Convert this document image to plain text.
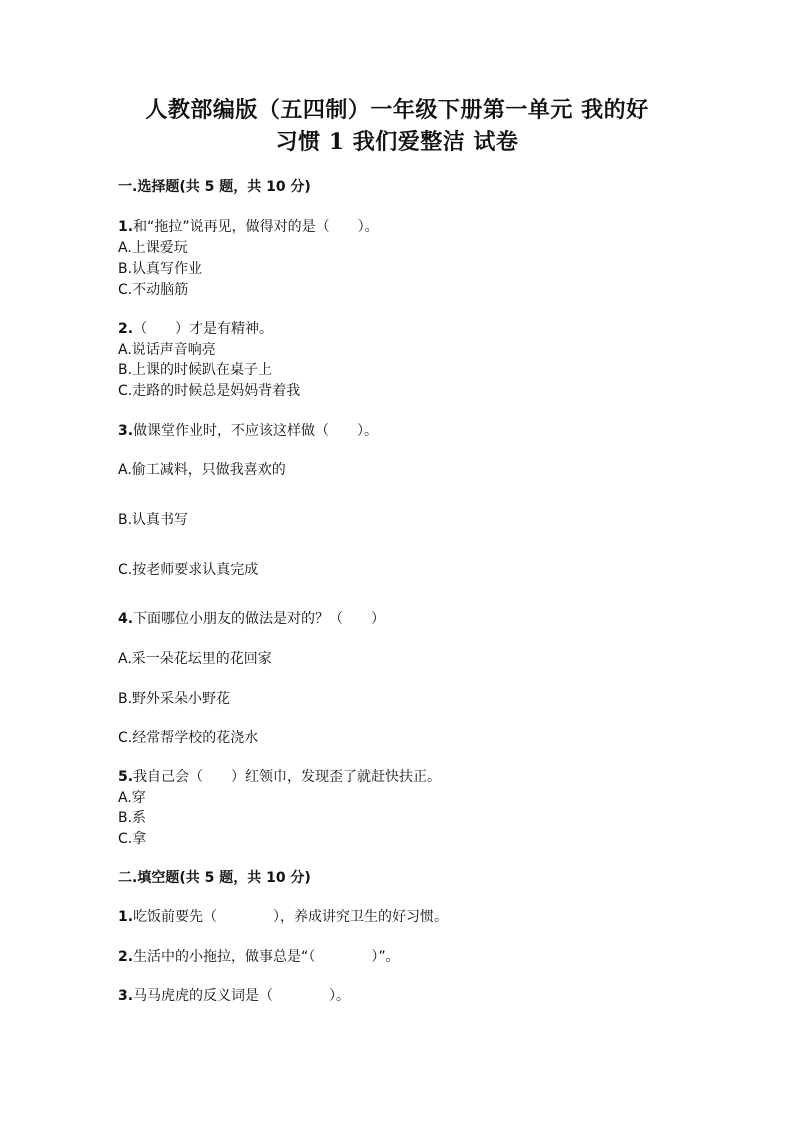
人教部编版（五四制）一年级下册第一单元 我的好
习惯 1 我们爱整洁 试卷
一.选择题(共 5 题，共 10 分)
1.和“拖拉”说再见，做得对的是（　　）。
A.上课爱玩
B.认真写作业
C.不动脑筋
2.（　　）才是有精神。
A.说话声音响亮
B.上课的时候趴在桌子上
C.走路的时候总是妈妈背着我
3.做课堂作业时，不应该这样做（　　）。
A.偷工减料，只做我喜欢的
B.认真书写
C.按老师要求认真完成
4.下面哪位小朋友的做法是对的？（　　）
A.采一朵花坛里的花回家
B.野外采朵小野花
C.经常帮学校的花浇水
5.我自己会（　　）红领巾，发现歪了就赶快扶正。
A.穿
B.系
C.拿
二.填空题(共 5 题，共 10 分)
1.吃饭前要先（　　　　），养成讲究卫生的好习惯。
2.生活中的小拖拉，做事总是“（　　　　）”。
3.马马虎虎的反义词是（　　　　）。
